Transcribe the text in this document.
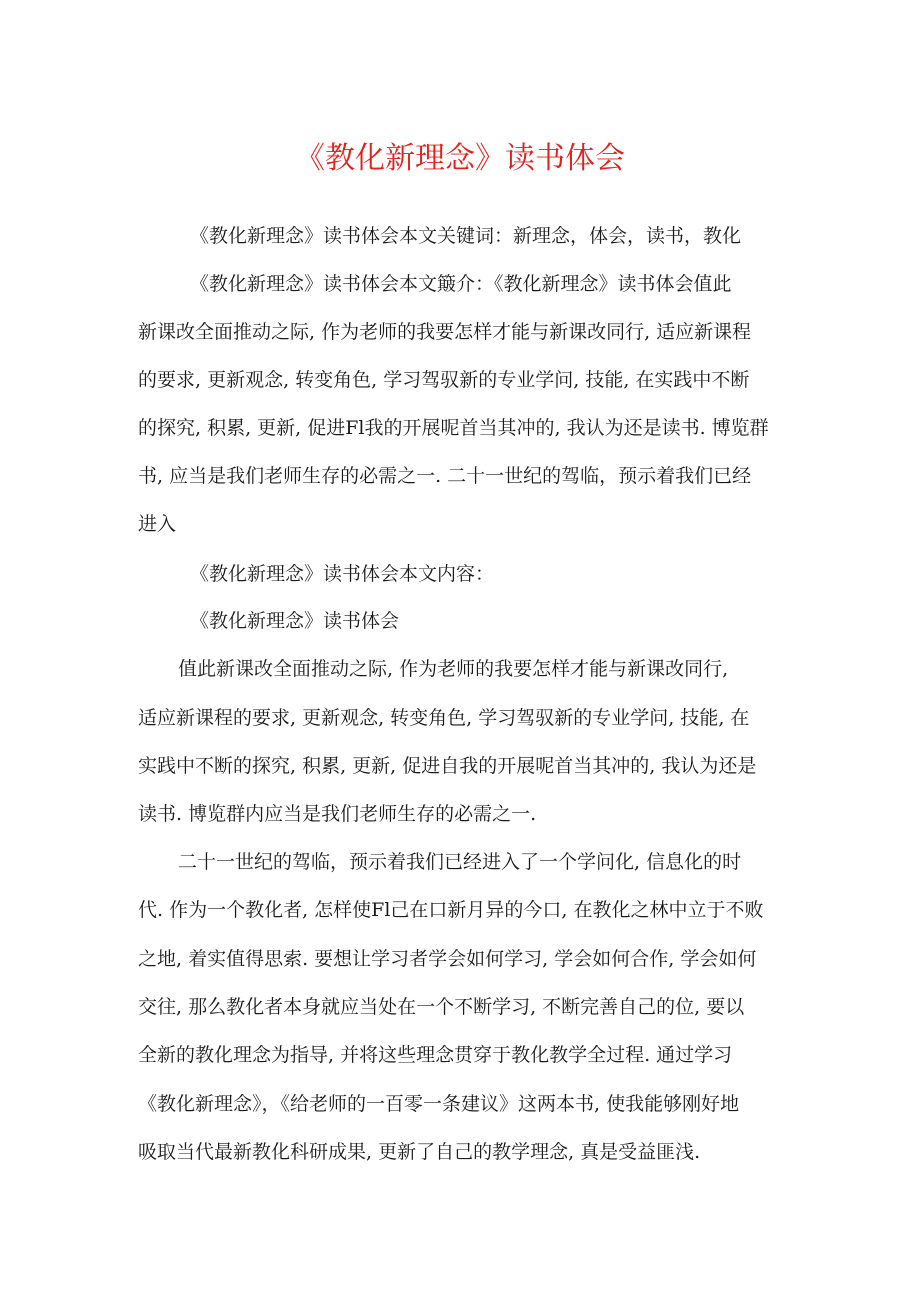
《教化新理念》读书体会
《教化新理念》读书体会本文关键词：新理念，体会，读书，教化
《教化新理念》读书体会本文簸介：《教化新理念》读书体会值此
新课改全面推动之际, 作为老师的我要怎样才能与新课改同行, 适应新课程
的要求, 更新观念, 转变角色, 学习驾驭新的专业学问, 技能, 在实践中不断
的探究, 积累, 更新, 促进Fl我的开展呢首当其冲的, 我认为还是读书. 博览群
书, 应当是我们老师生存的必需之一. 二十一世纪的驾临，预示着我们已经
进入
《教化新理念》读书体会本文内容：
《教化新理念》读书体会
值此新课改全面推动之际, 作为老师的我要怎样才能与新课改同行,
适应新课程的要求, 更新观念, 转变角色, 学习驾驭新的专业学问, 技能, 在
实践中不断的探究, 积累, 更新, 促进自我的开展呢首当其冲的, 我认为还是
读书. 博览群内应当是我们老师生存的必需之一.
二十一世纪的驾临，预示着我们已经进入了一个学问化, 信息化的时
代. 作为一个教化者, 怎样使Fl己在口新月异的今口, 在教化之林中立于不败
之地, 着实值得思索. 要想让学习者学会如何学习, 学会如何合作, 学会如何
交往, 那么教化者本身就应当处在一个不断学习, 不断完善自己的位, 要以
全新的教化理念为指导, 并将这些理念贯穿于教化教学全过程. 通过学习
《教化新理念》，《给老师的一百零一条建议》这两本书, 使我能够刚好地
吸取当代最新教化科研成果, 更新了自己的教学理念, 真是受益匪浅.
